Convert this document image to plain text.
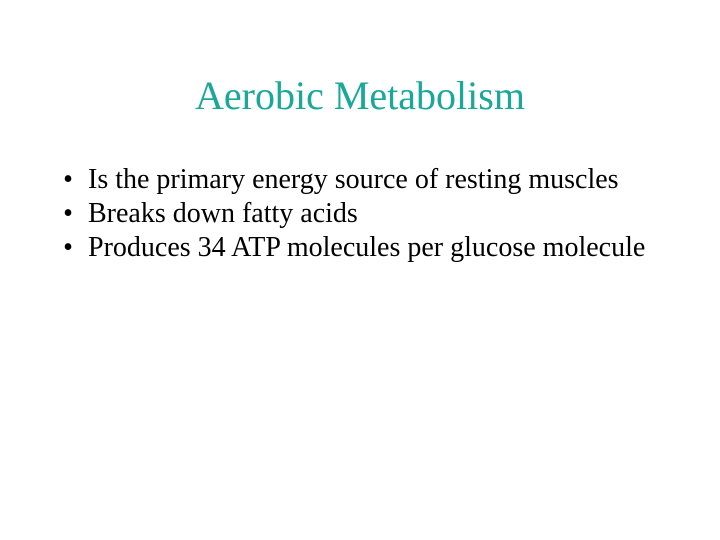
Aerobic Metabolism
• Is the primary energy source of resting muscles
• Breaks down fatty acids
• Produces 34 ATP molecules per glucose molecule
